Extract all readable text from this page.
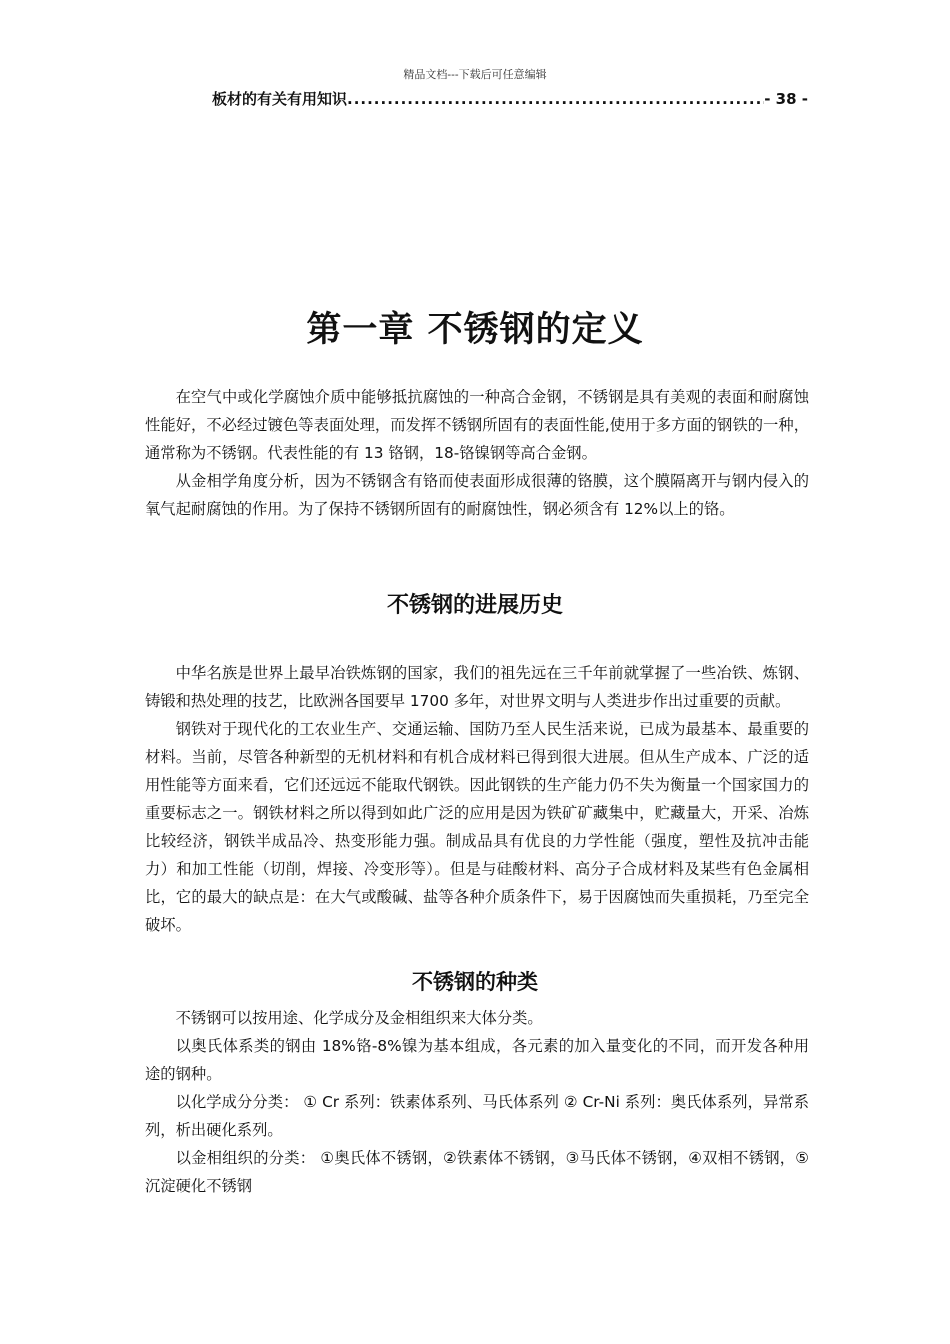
精品文档---下载后可任意编辑
板材的有关有用知识
.....	- 38 -
第一章 不锈钢的定义

在空气中或化学腐蚀介质中能够抵抗腐蚀的一种高合金钢，不锈钢是具有美观的表面和耐腐蚀性能好，不必经过镀色等表面处理，而发挥不锈钢所固有的表面性能,使用于多方面的钢铁的一种，通常称为不锈钢。代表性能的有 13 铬钢，18-铬镍钢等高合金钢。

从金相学角度分析，因为不锈钢含有铬而使表面形成很薄的铬膜，这个膜隔离开与钢内侵入的氧气起耐腐蚀的作用。为了保持不锈钢所固有的耐腐蚀性，钢必须含有 12%以上的铬。

不锈钢的进展历史

中华名族是世界上最早冶铁炼钢的国家，我们的祖先远在三千年前就掌握了一些冶铁、炼钢、铸锻和热处理的技艺，比欧洲各国要早 1700 多年，对世界文明与人类进步作出过重要的贡献。

钢铁对于现代化的工农业生产、交通运输、国防乃至人民生活来说，已成为最基本、最重要的材料。当前，尽管各种新型的无机材料和有机合成材料已得到很大进展。但从生产成本、广泛的适用性能等方面来看，它们还远远不能取代钢铁。因此钢铁的生产能力仍不失为衡量一个国家国力的重要标志之一。钢铁材料之所以得到如此广泛的应用是因为铁矿矿藏集中，贮藏量大，开采、冶炼比较经济，钢铁半成品冷、热变形能力强。制成品具有优良的力学性能（强度，塑性及抗冲击能力）和加工性能（切削，焊接、冷变形等）。但是与硅酸材料、高分子合成材料及某些有色金属相比，它的最大的缺点是：在大气或酸碱、盐等各种介质条件下，易于因腐蚀而失重损耗，乃至完全破坏。

不锈钢的种类

不锈钢可以按用途、化学成分及金相组织来大体分类。

以奥氏体系类的钢由 18%铬-8%镍为基本组成，各元素的加入量变化的不同，而开发各种用途的钢种。

以化学成分分类： ① Cr 系列：铁素体系列、马氏体系列 ② Cr-Ni 系列：奥氏体系列，异常系列，析出硬化系列。

以金相组织的分类： ①奥氏体不锈钢，②铁素体不锈钢，③马氏体不锈钢，④双相不锈钢，⑤沉淀硬化不锈钢
